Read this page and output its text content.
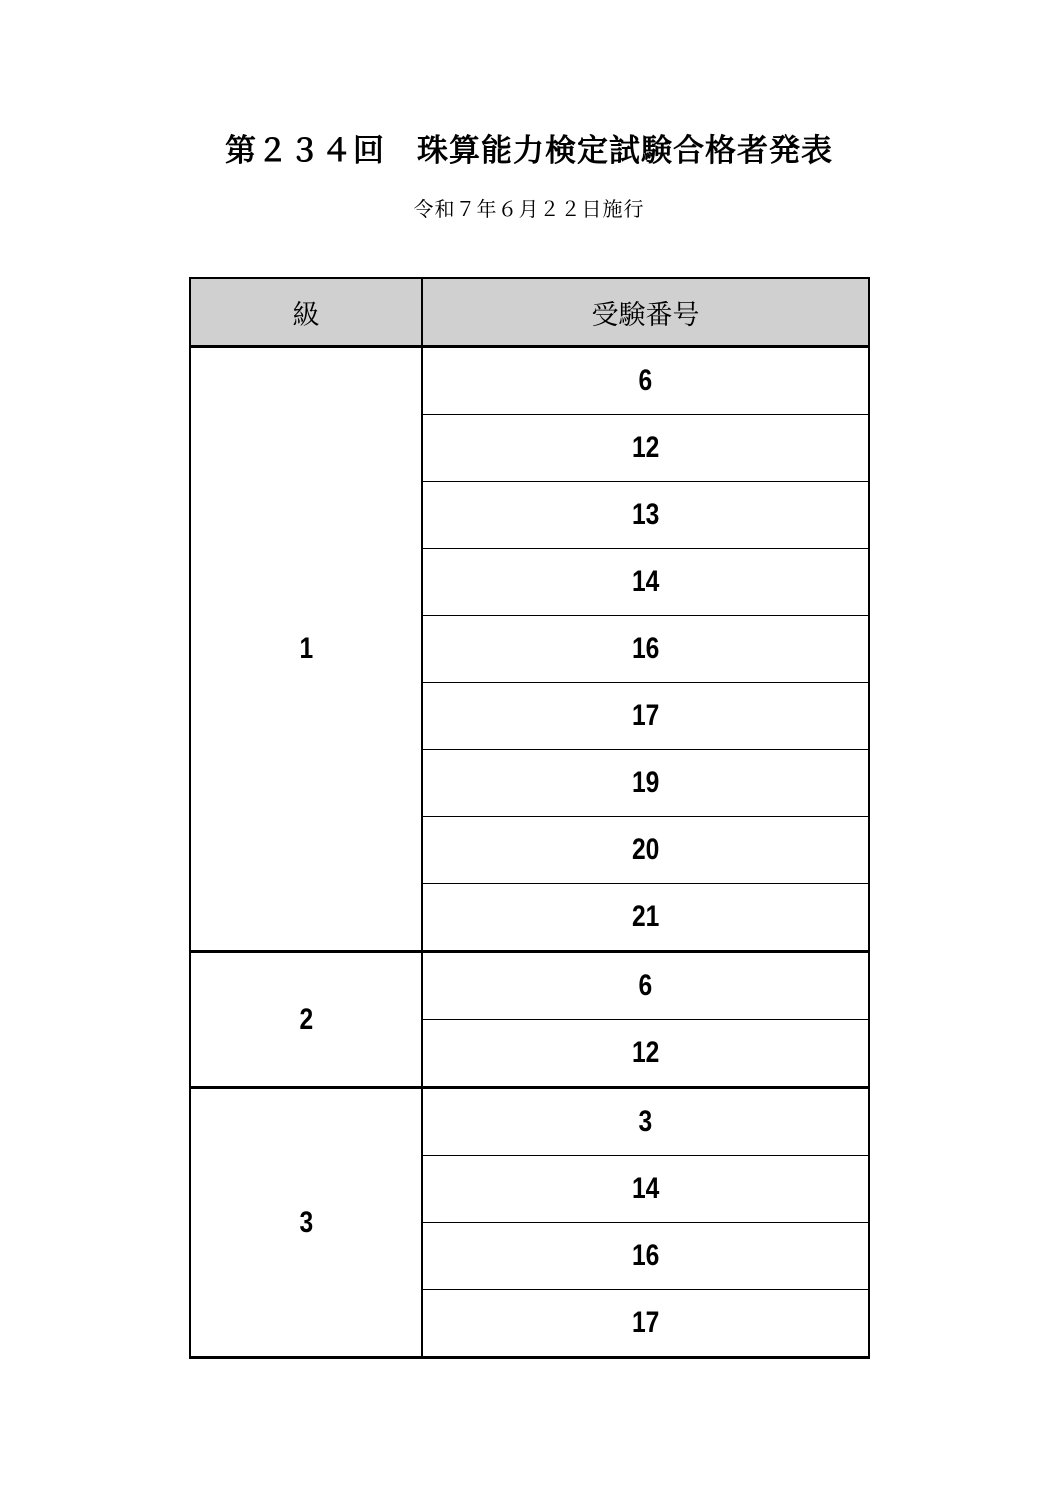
第２３４回　珠算能力検定試験合格者発表
令和７年６月２２日施行
級	受験番号
1	6
	12
	13
	14
	16
	17
	19
	20
	21
2	6
	12
3	3
	14
	16
	17
